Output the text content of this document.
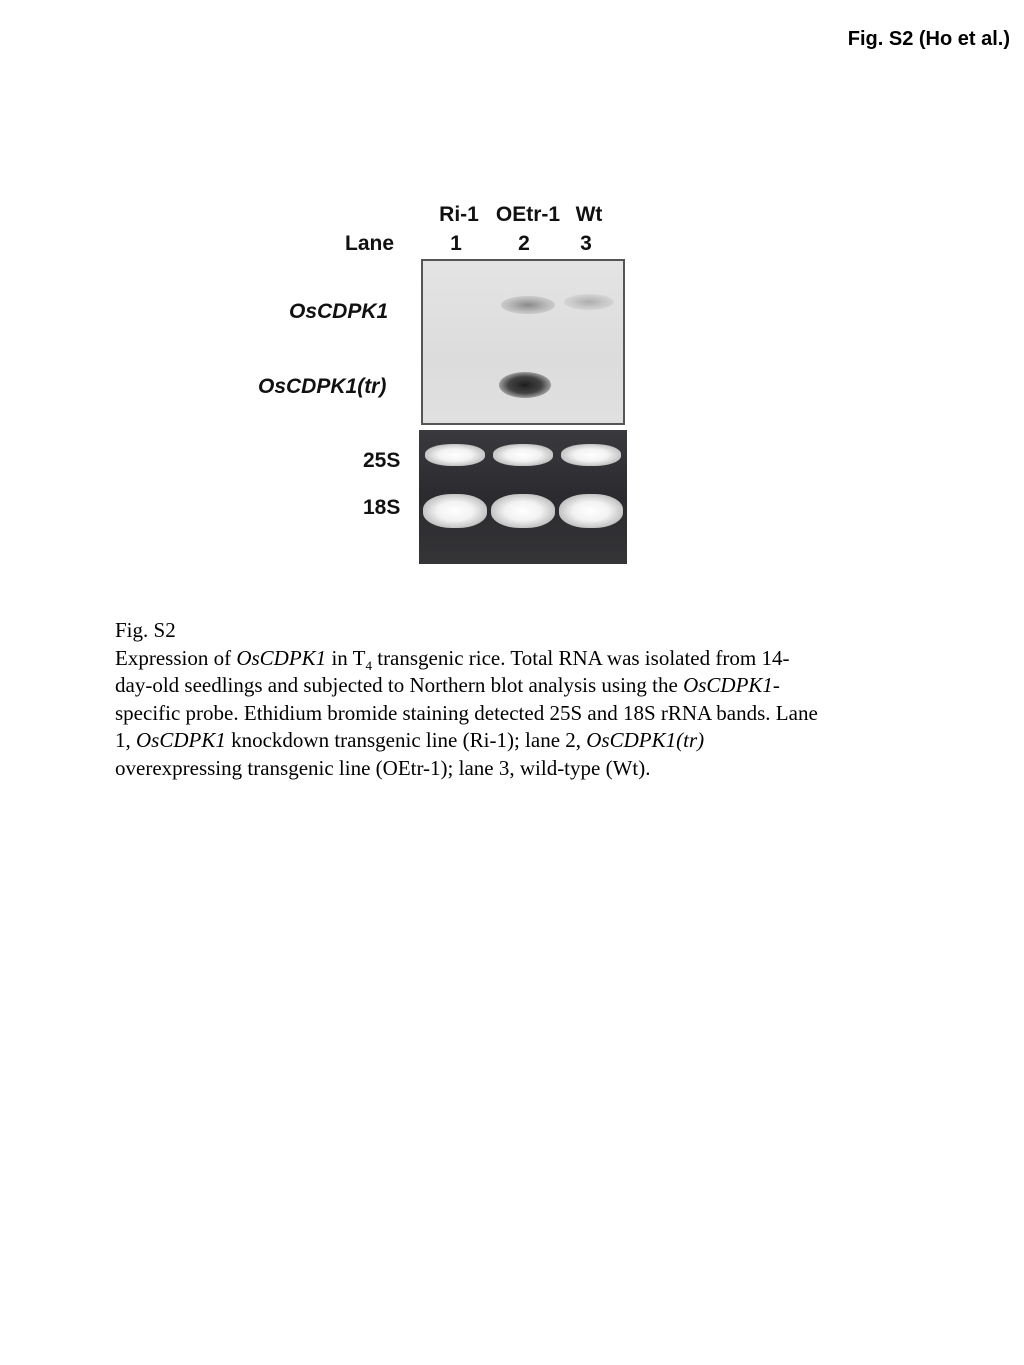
Fig. S2 (Ho et al.)
Ri-1 OEtr-1 Wt
Lane	1	2 3
OsCDPK1
OsCDPK1(tr)
25S
18S

Fig. S2

Expression of OsCDPK1 in $T_4$ transgenic rice. Total RNA was isolated from 14-

day-old seedlings and subjected to Northern blot analysis using the OsCDPK1-

specific probe. Ethidium bromide staining detected 25S and 18S rRNA bands. Lane

1, OsCDPK1 knockdown transgenic line (Ri-1); lane 2, OsCDPK1(tr)

overexpressing transgenic line (OEtr-1); lane 3, wild-type (Wt).
